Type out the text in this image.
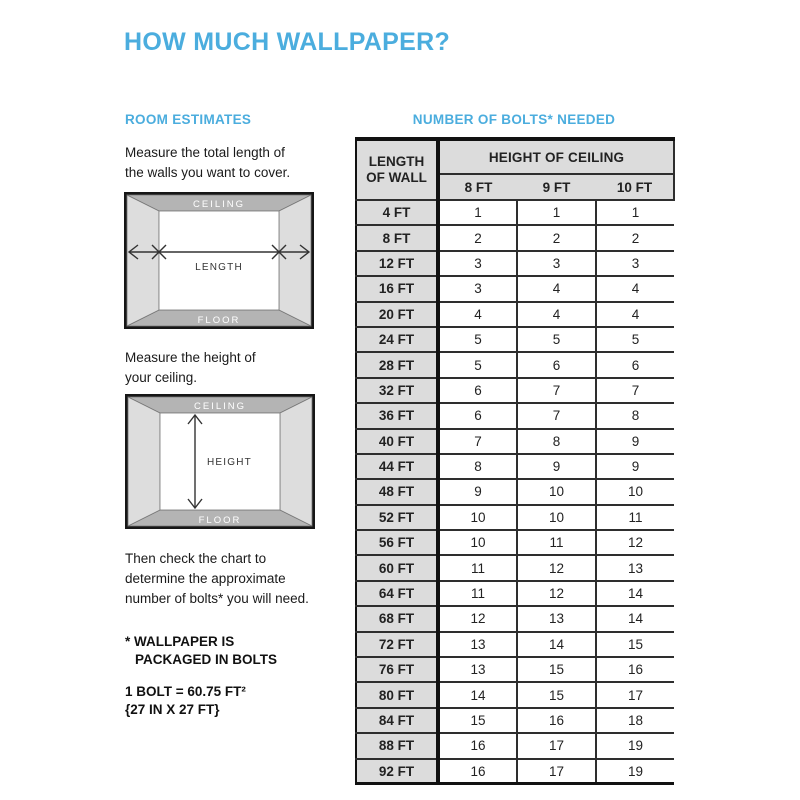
HOW MUCH WALLPAPER?
ROOM ESTIMATES
Measure the total length of
the walls you want to cover.
CEILING
FLOOR
LENGTH
Measure the height of
your ceiling.
CEILING
FLOOR
HEIGHT
Then check the chart to
determine the approximate
number of bolts* you will need.
* WALLPAPER IS
PACKAGED IN BOLTS
1 BOLT = 60.75 FT²
{27 IN X 27 FT}
NUMBER OF BOLTS* NEEDED
LENGTH
OF WALL	HEIGHT OF CEILING		
	8 FT	9 FT	10 FT
4 FT	1	1	1
8 FT	2	2	2
12 FT	3	3	3
16 FT	3	4	4
20 FT	4	4	4
24 FT	5	5	5
28 FT	5	6	6
32 FT	6	7	7
36 FT	6	7	8
40 FT	7	8	9
44 FT	8	9	9
48 FT	9	10	10
52 FT	10	10	11
56 FT	10	11	12
60 FT	11	12	13
64 FT	11	12	14
68 FT	12	13	14
72 FT	13	14	15
76 FT	13	15	16
80 FT	14	15	17
84 FT	15	16	18
88 FT	16	17	19
92 FT	16	17	19
